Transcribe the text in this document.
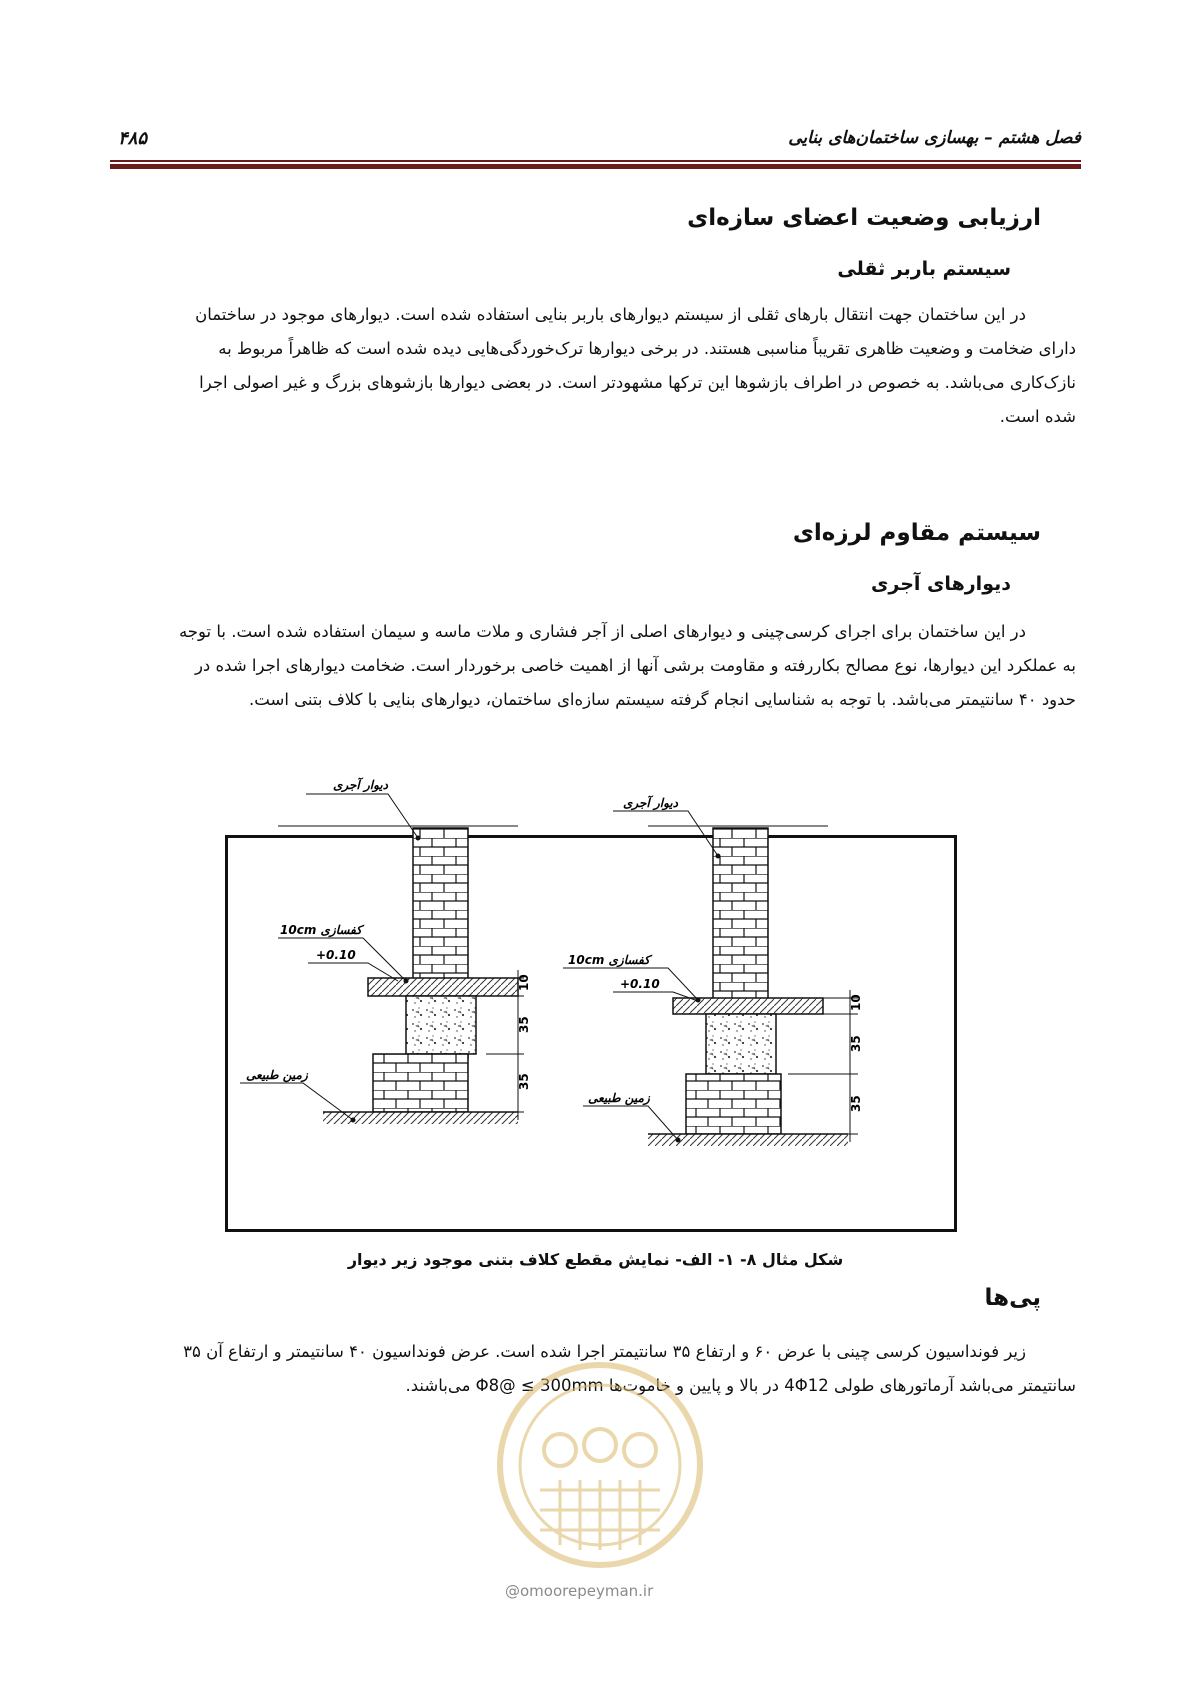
فصل هشتم – بهسازی ساختمان‌های بنایی
۴۸۵
ارزیابی وضعیت اعضای سازه‌ای
سیستم باربر ثقلی

در این ساختمان جهت انتقال بارهای ثقلی از سیستم دیوارهای باربر بنایی استفاده شده است. دیوارهای موجود در ساختمان
دارای ضخامت و وضعیت ظاهری تقریباً مناسبی هستند. در برخی دیوارها ترک‌خوردگی‌هایی دیده شده است که ظاهراً مربوط به
نازک‌کاری می‌باشد. به خصوص در اطراف بازشوها این ترکها مشهودتر است. در بعضی دیوارها بازشوهای بزرگ و غیر اصولی اجرا
شده است.

سیستم مقاوم لرزه‌ای
دیوارهای آجری

در این ساختمان برای اجرای کرسی‌چینی و دیوارهای اصلی از آجر فشاری و ملات ماسه و سیمان استفاده شده است. با توجه
به عملکرد این دیوارها، نوع مصالح بکاررفته و مقاومت برشی آنها از اهمیت خاصی برخوردار است. ضخامت دیوارهای اجرا شده در
حدود ۴۰ سانتیمتر می‌باشد. با توجه به شناسایی انجام گرفته سیستم سازه‌ای ساختمان، دیوارهای بنایی با کلاف بتنی است.

10
35
35
دیوار آجری
10cm کفسازی
+0.10
زمین طبیعی
10
35
35
دیوار آجری
10cm کفسازی
+0.10
زمین طبیعی
شکل مثال ۸- ۱- الف- نمایش مقطع کلاف بتنی موجود زیر دیوار
پی‌ها

زیر فونداسیون کرسی چینی با عرض ۶۰ و ارتفاع ۳۵ سانتیمتر اجرا شده است. عرض فونداسیون ۴۰ سانتیمتر و ارتفاع آن ۳۵
سانتیمتر می‌باشد آرماتورهای طولی 4Φ12 در بالا و پایین و خاموت‌ها Φ8@ ≤ 300mm می‌باشند.

@omoorepeyman.ir
